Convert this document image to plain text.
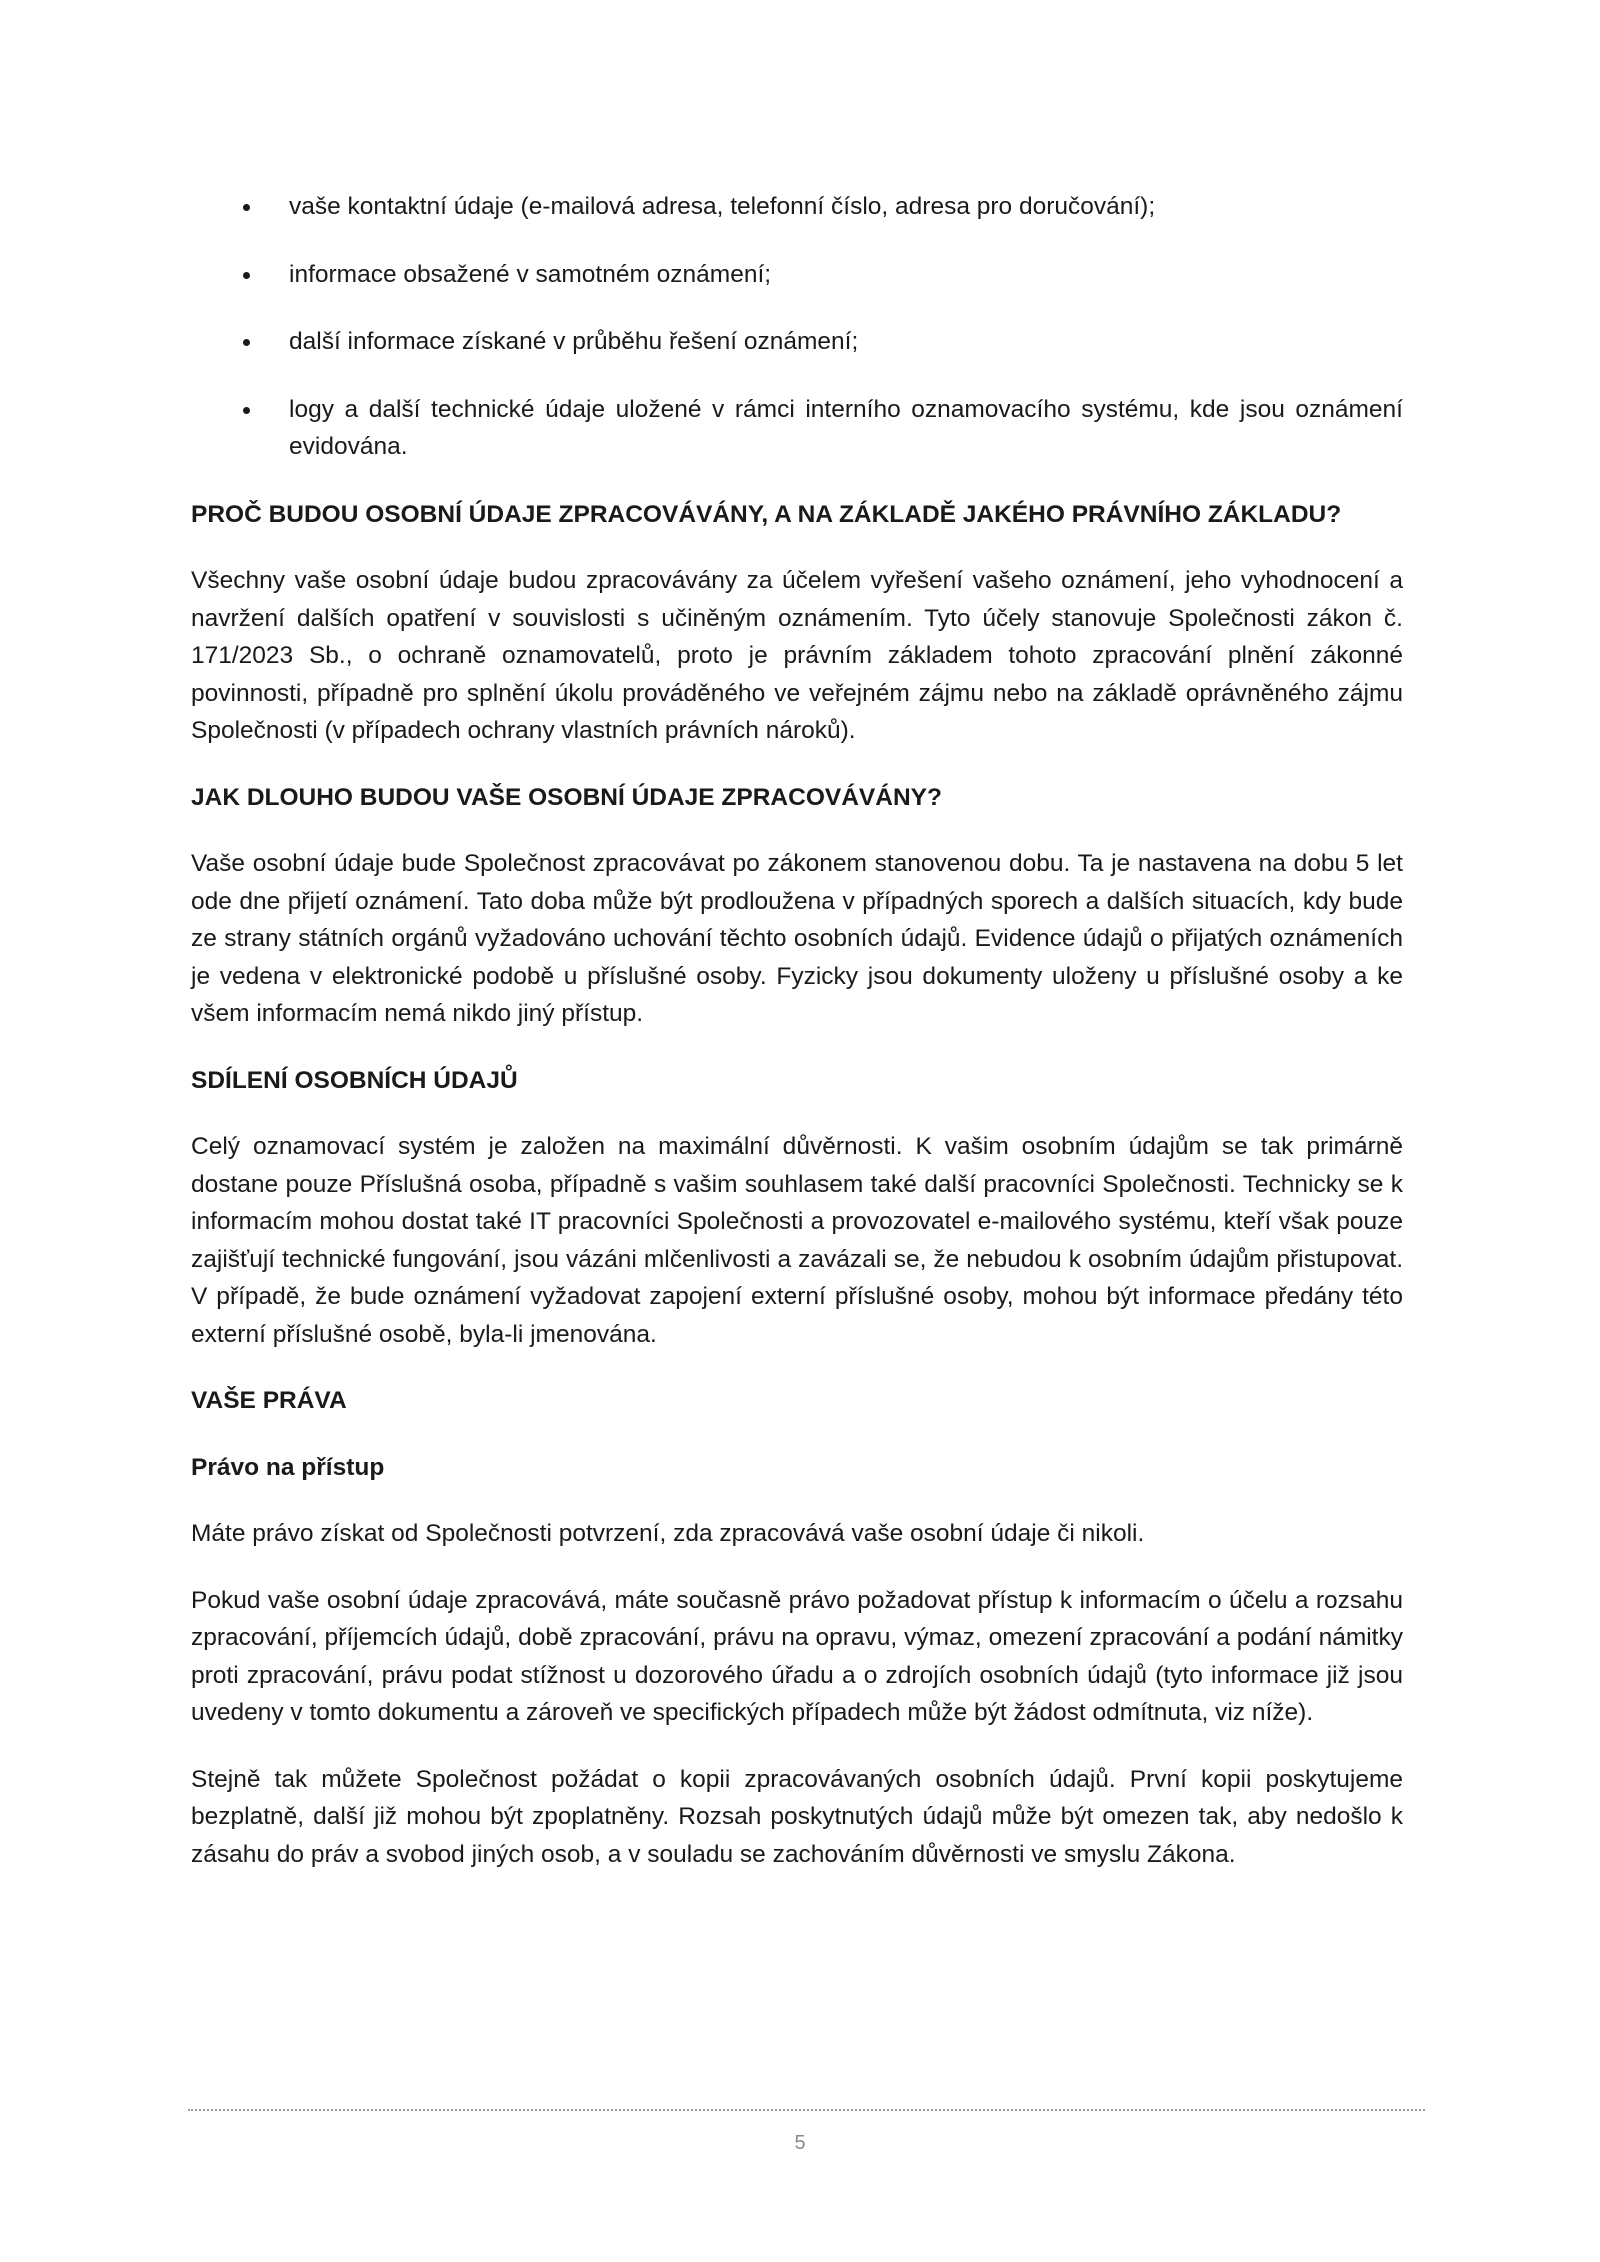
vaše kontaktní údaje (e-mailová adresa, telefonní číslo, adresa pro doručování);
informace obsažené v samotném oznámení;
další informace získané v průběhu řešení oznámení;
logy a další technické údaje uložené v rámci interního oznamovacího systému, kde jsou oznámení evidována.
PROČ BUDOU OSOBNÍ ÚDAJE ZPRACOVÁVÁNY, A NA ZÁKLADĚ JAKÉHO PRÁVNÍHO ZÁKLADU?

Všechny vaše osobní údaje budou zpracovávány za účelem vyřešení vašeho oznámení, jeho vyhodnocení a navržení dalších opatření v souvislosti s učiněným oznámením. Tyto účely stanovuje Společnosti zákon č. 171/2023 Sb., o ochraně oznamovatelů, proto je právním základem tohoto zpracování plnění zákonné povinnosti, případně pro splnění úkolu prováděného ve veřejném zájmu nebo na základě oprávněného zájmu Společnosti (v případech ochrany vlastních právních nároků).

JAK DLOUHO BUDOU VAŠE OSOBNÍ ÚDAJE ZPRACOVÁVÁNY?

Vaše osobní údaje bude Společnost zpracovávat po zákonem stanovenou dobu. Ta je nastavena na dobu 5 let ode dne přijetí oznámení. Tato doba může být prodloužena v případných sporech a dalších situacích, kdy bude ze strany státních orgánů vyžadováno uchování těchto osobních údajů. Evidence údajů o přijatých oznámeních je vedena v elektronické podobě u příslušné osoby. Fyzicky jsou dokumenty uloženy u příslušné osoby a ke všem informacím nemá nikdo jiný přístup.

SDÍLENÍ OSOBNÍCH ÚDAJŮ

Celý oznamovací systém je založen na maximální důvěrnosti. K vašim osobním údajům se tak primárně dostane pouze Příslušná osoba, případně s vašim souhlasem také další pracovníci Společnosti. Technicky se k informacím mohou dostat také IT pracovníci Společnosti a provozovatel e-mailového systému, kteří však pouze zajišťují technické fungování, jsou vázáni mlčenlivosti a zavázali se, že nebudou k osobním údajům přistupovat. V případě, že bude oznámení vyžadovat zapojení externí příslušné osoby, mohou být informace předány této externí příslušné osobě, byla-li jmenována.

VAŠE PRÁVA
Právo na přístup

Máte právo získat od Společnosti potvrzení, zda zpracovává vaše osobní údaje či nikoli.

Pokud vaše osobní údaje zpracovává, máte současně právo požadovat přístup k informacím o účelu a rozsahu zpracování, příjemcích údajů, době zpracování, právu na opravu, výmaz, omezení zpracování a podání námitky proti zpracování, právu podat stížnost u dozorového úřadu a o zdrojích osobních údajů (tyto informace již jsou uvedeny v tomto dokumentu a zároveň ve specifických případech může být žádost odmítnuta, viz níže).

Stejně tak můžete Společnost požádat o kopii zpracovávaných osobních údajů. První kopii poskytujeme bezplatně, další již mohou být zpoplatněny. Rozsah poskytnutých údajů může být omezen tak, aby nedošlo k zásahu do práv a svobod jiných osob, a v souladu se zachováním důvěrnosti ve smyslu Zákona.

5
